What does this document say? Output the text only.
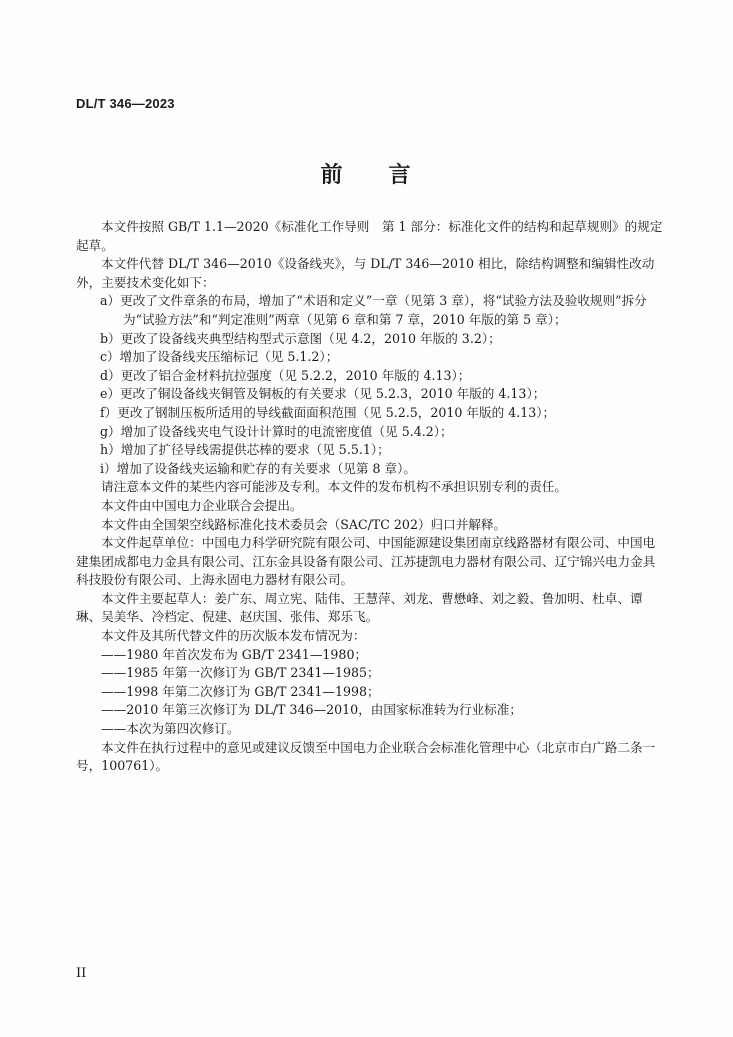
DL/T 346—2023
前 言

本文件按照 GB/T 1.1—2020《标准化工作导则　第 1 部分：标准化文件的结构和起草规则》的规定起草。

本文件代替 DL/T 346—2010《设备线夹》，与 DL/T 346—2010 相比，除结构调整和编辑性改动外，主要技术变化如下：

a）更改了文件章条的布局，增加了“术语和定义”一章（见第 3 章），将“试验方法及验收规则”拆分为“试验方法”和“判定准则”两章（见第 6 章和第 7 章，2010 年版的第 5 章）；

b）更改了设备线夹典型结构型式示意图（见 4.2，2010 年版的 3.2）；

c）增加了设备线夹压缩标记（见 5.1.2）；

d）更改了铝合金材料抗拉强度（见 5.2.2，2010 年版的 4.13）；

e）更改了铜设备线夹铜管及铜板的有关要求（见 5.2.3，2010 年版的 4.13）；

f）更改了钢制压板所适用的导线截面面积范围（见 5.2.5，2010 年版的 4.13）；

g）增加了设备线夹电气设计计算时的电流密度值（见 5.4.2）；

h）增加了扩径导线需提供芯棒的要求（见 5.5.1）；

i）增加了设备线夹运输和贮存的有关要求（见第 8 章）。

请注意本文件的某些内容可能涉及专利。本文件的发布机构不承担识别专利的责任。

本文件由中国电力企业联合会提出。

本文件由全国架空线路标准化技术委员会（SAC/TC 202）归口并解释。

本文件起草单位：中国电力科学研究院有限公司、中国能源建设集团南京线路器材有限公司、中国电建集团成都电力金具有限公司、江东金具设备有限公司、江苏捷凯电力器材有限公司、辽宁锦兴电力金具科技股份有限公司、上海永固电力器材有限公司。

本文件主要起草人：姜广东、周立宪、陆伟、王慧萍、刘龙、曹懋峰、刘之毅、鲁加明、杜卓、谭琳、吴美华、冷档定、倪建、赵庆国、张伟、郑乐飞。

本文件及其所代替文件的历次版本发布情况为：

——1980 年首次发布为 GB/T 2341—1980；

——1985 年第一次修订为 GB/T 2341—1985；

——1998 年第二次修订为 GB/T 2341—1998；

——2010 年第三次修订为 DL/T 346—2010，由国家标准转为行业标准；

——本次为第四次修订。

本文件在执行过程中的意见或建议反馈至中国电力企业联合会标准化管理中心（北京市白广路二条一号，100761）。

II
